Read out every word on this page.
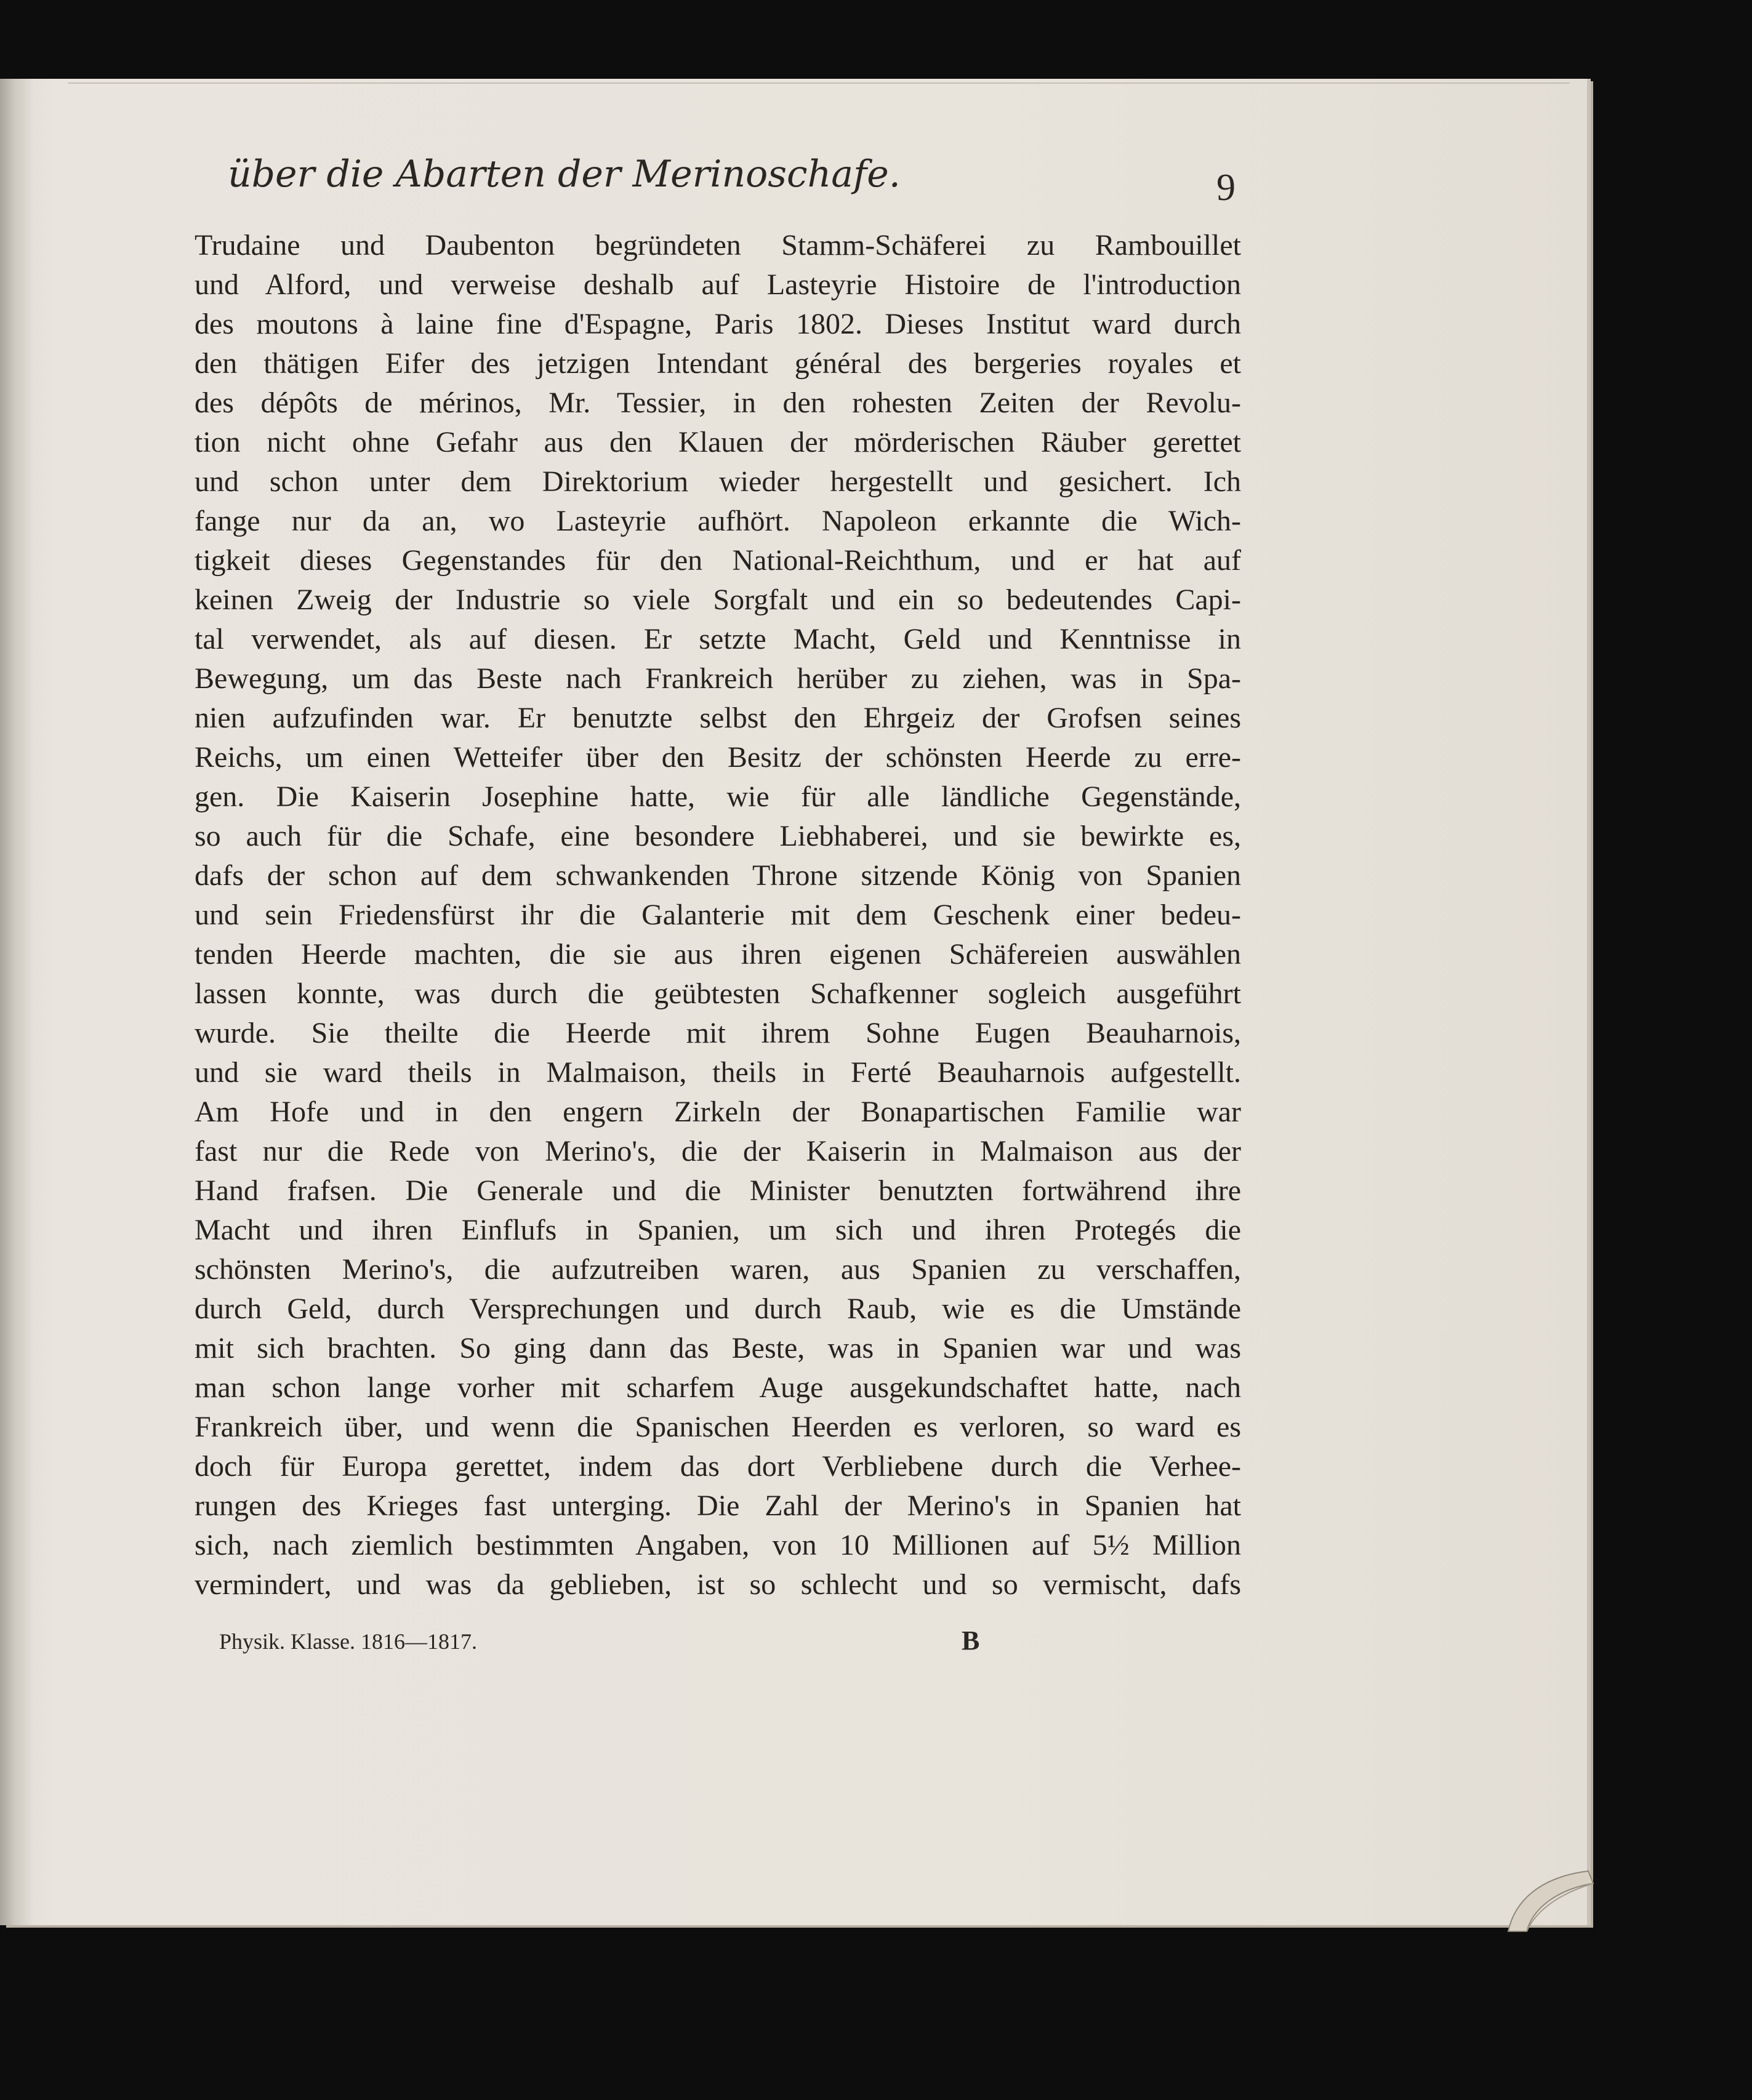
über die Abarten der Merinoschafe.	9
Trudaine und Daubenton begründeten Stamm-Schäferei zu Rambouillet
und Alford, und verweise deshalb auf Lasteyrie Histoire de l'introduction
des moutons à laine fine d'Espagne, Paris 1802. Dieses Institut ward durch
den thätigen Eifer des jetzigen Intendant général des bergeries royales et
des dépôts de mérinos, Mr. Tessier, in den rohesten Zeiten der Revolu-
tion nicht ohne Gefahr aus den Klauen der mörderischen Räuber gerettet
und schon unter dem Direktorium wieder hergestellt und gesichert. Ich
fange nur da an, wo Lasteyrie aufhört. Napoleon erkannte die Wich-
tigkeit dieses Gegenstandes für den National-Reichthum, und er hat auf
keinen Zweig der Industrie so viele Sorgfalt und ein so bedeutendes Capi-
tal verwendet, als auf diesen. Er setzte Macht, Geld und Kenntnisse in
Bewegung, um das Beste nach Frankreich herüber zu ziehen, was in Spa-
nien aufzufinden war. Er benutzte selbst den Ehrgeiz der Grofsen seines
Reichs, um einen Wetteifer über den Besitz der schönsten Heerde zu erre-
gen. Die Kaiserin Josephine hatte, wie für alle ländliche Gegenstände,
so auch für die Schafe, eine besondere Liebhaberei, und sie bewirkte es,
dafs der schon auf dem schwankenden Throne sitzende König von Spanien
und sein Friedensfürst ihr die Galanterie mit dem Geschenk einer bedeu-
tenden Heerde machten, die sie aus ihren eigenen Schäfereien auswählen
lassen konnte, was durch die geübtesten Schafkenner sogleich ausgeführt
wurde. Sie theilte die Heerde mit ihrem Sohne Eugen Beauharnois,
und sie ward theils in Malmaison, theils in Ferté Beauharnois aufgestellt.
Am Hofe und in den engern Zirkeln der Bonapartischen Familie war
fast nur die Rede von Merino's, die der Kaiserin in Malmaison aus der
Hand frafsen. Die Generale und die Minister benutzten fortwährend ihre
Macht und ihren Einflufs in Spanien, um sich und ihren Protegés die
schönsten Merino's, die aufzutreiben waren, aus Spanien zu verschaffen,
durch Geld, durch Versprechungen und durch Raub, wie es die Umstände
mit sich brachten. So ging dann das Beste, was in Spanien war und was
man schon lange vorher mit scharfem Auge ausgekundschaftet hatte, nach
Frankreich über, und wenn die Spanischen Heerden es verloren, so ward es
doch für Europa gerettet, indem das dort Verbliebene durch die Verhee-
rungen des Krieges fast unterging. Die Zahl der Merino's in Spanien hat
sich, nach ziemlich bestimmten Angaben, von 10 Millionen auf 5½ Million
vermindert, und was da geblieben, ist so schlecht und so vermischt, dafs
Physik. Klasse. 1816—1817.	B
